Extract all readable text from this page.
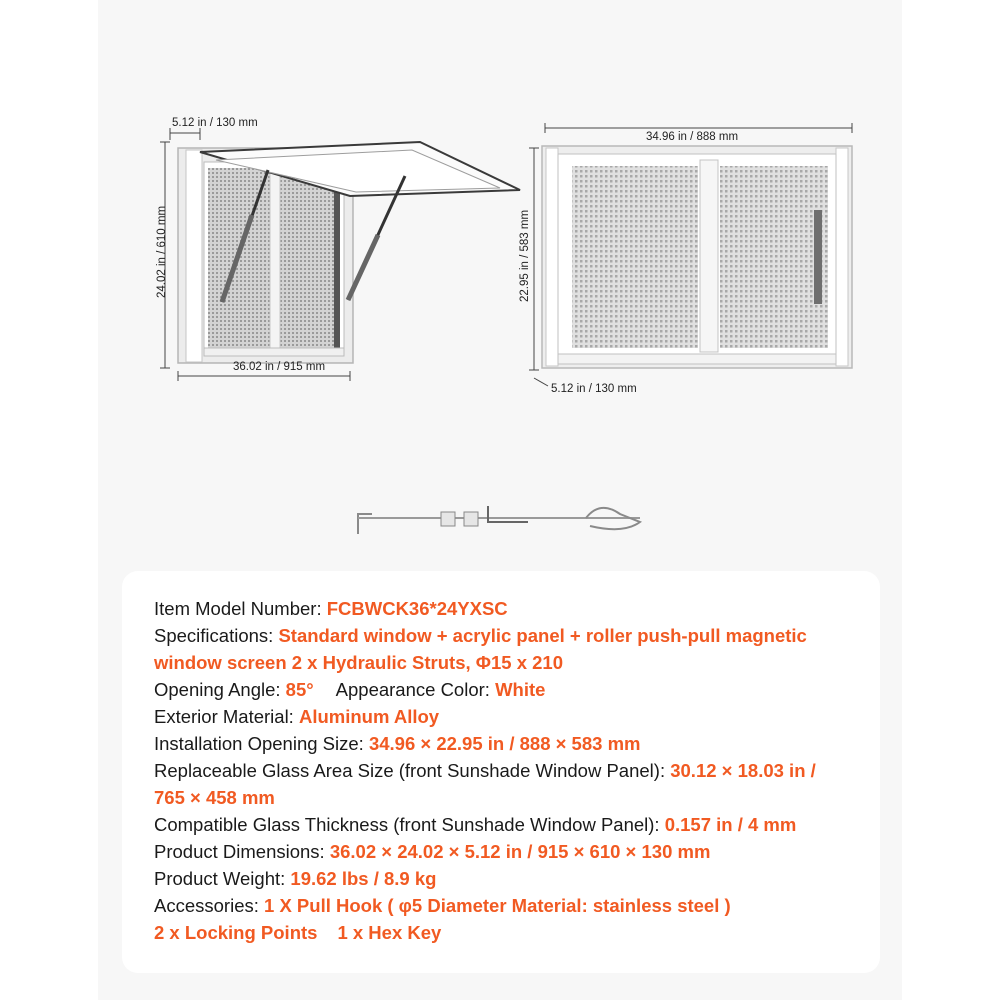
5.12 in / 130 mm
24.02 in / 610 mm
36.02 in / 915 mm
34.96 in / 888 mm
22.95 in / 583 mm
5.12 in / 130 mm
Item Model Number: FCBWCK36*24YXSC
Specifications: Standard window + acrylic panel + roller push-pull magnetic
window screen 2 x Hydraulic Struts, Φ15 x 210
Opening Angle: 85° Appearance Color: White
Exterior Material: Aluminum Alloy
Installation Opening Size: 34.96 × 22.95 in / 888 × 583 mm
Replaceable Glass Area Size (front Sunshade Window Panel): 30.12 × 18.03 in /
765 × 458 mm
Compatible Glass Thickness (front Sunshade Window Panel): 0.157 in / 4 mm
Product Dimensions: 36.02 × 24.02 × 5.12 in / 915 × 610 × 130 mm
Product Weight: 19.62 lbs / 8.9 kg
Accessories: 1 X Pull Hook ( φ5 Diameter Material: stainless steel )
2 x Locking Points 1 x Hex Key
